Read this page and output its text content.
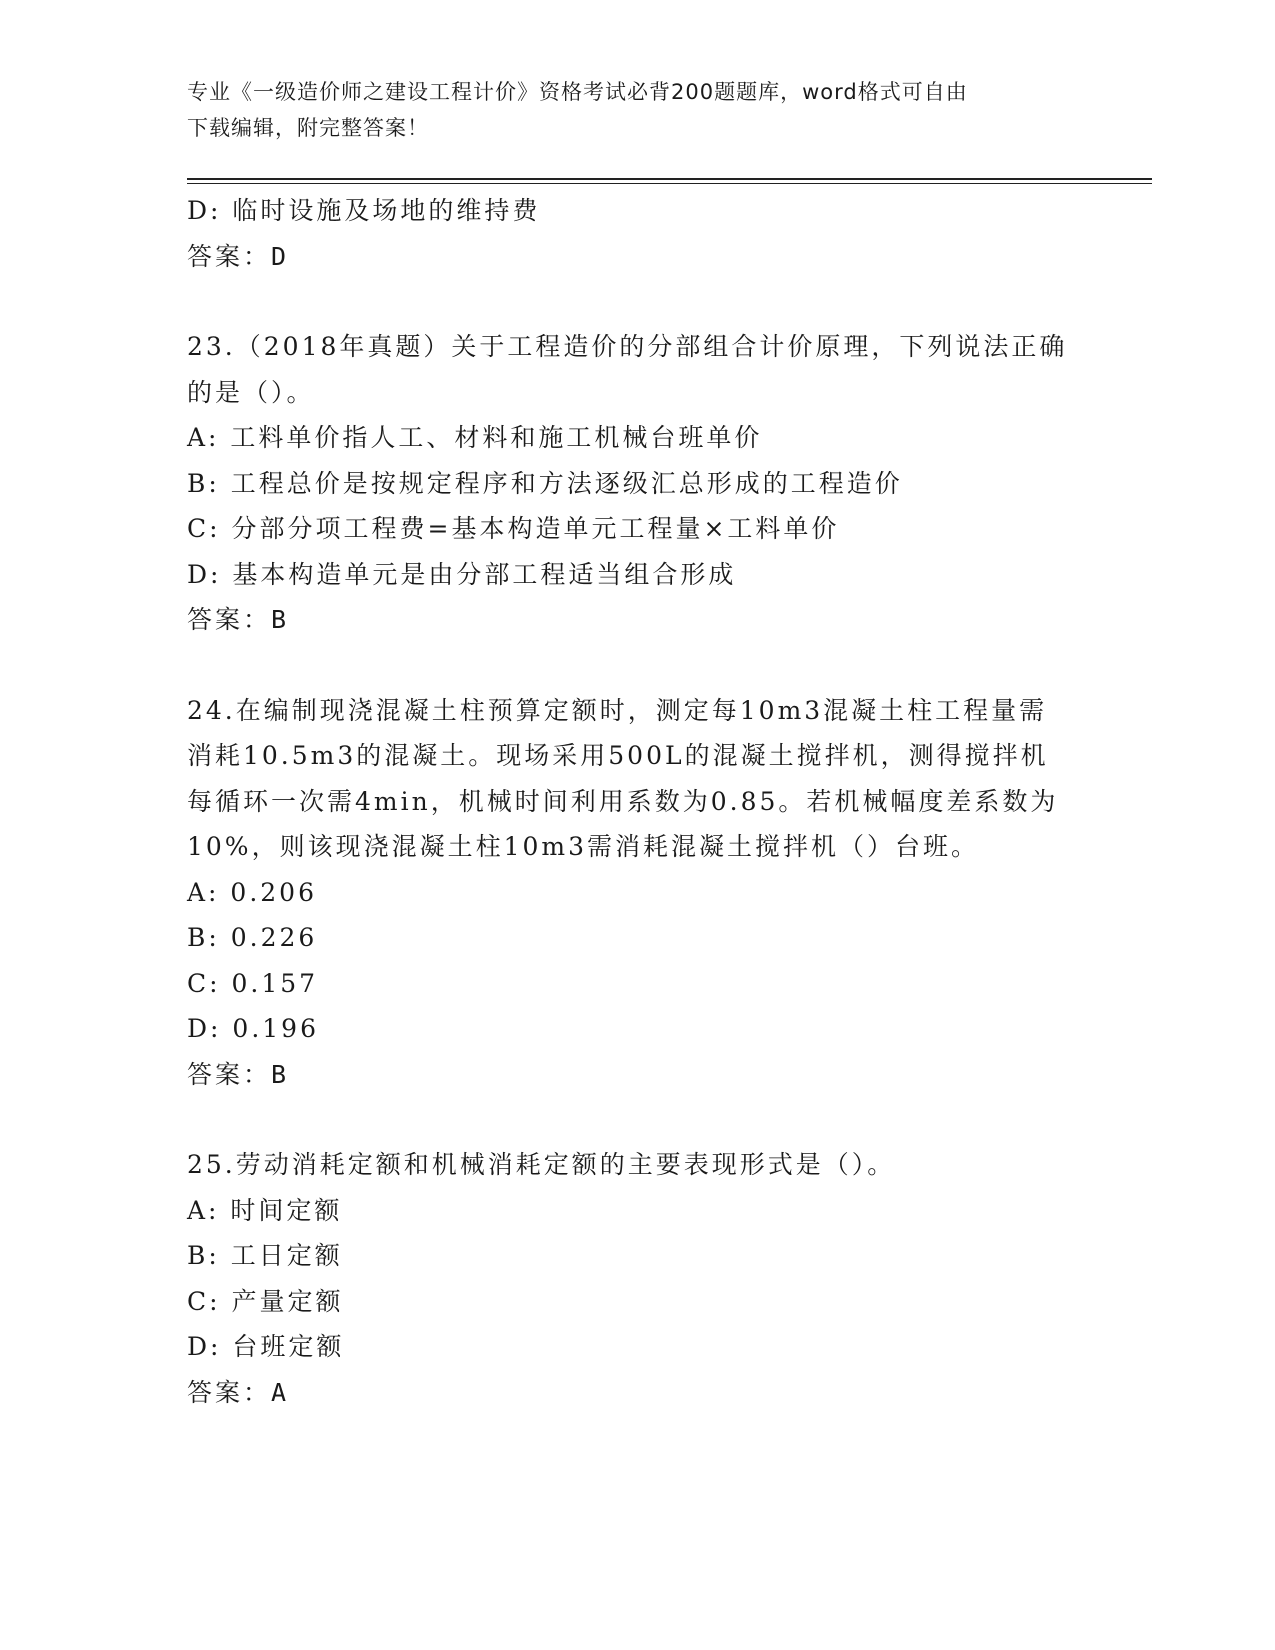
专业《一级造价师之建设工程计价》资格考试必背200题题库，word格式可自由
下载编辑，附完整答案！
D: 临时设施及场地的维持费
答案：D
23.（2018年真题）关于工程造价的分部组合计价原理，下列说法正确
的是（）。
A: 工料单价指人工、材料和施工机械台班单价
B: 工程总价是按规定程序和方法逐级汇总形成的工程造价
C: 分部分项工程费=基本构造单元工程量×工料单价
D: 基本构造单元是由分部工程适当组合形成
答案：B
24.在编制现浇混凝土柱预算定额时，测定每10m3混凝土柱工程量需
消耗10.5m3的混凝土。现场采用500L的混凝土搅拌机，测得搅拌机
每循环一次需4min，机械时间利用系数为0.85。若机械幅度差系数为
10%，则该现浇混凝土柱10m3需消耗混凝土搅拌机（）台班。
A: 0.206
B: 0.226
C: 0.157
D: 0.196
答案：B
25.劳动消耗定额和机械消耗定额的主要表现形式是（）。
A: 时间定额
B: 工日定额
C: 产量定额
D: 台班定额
答案：A
